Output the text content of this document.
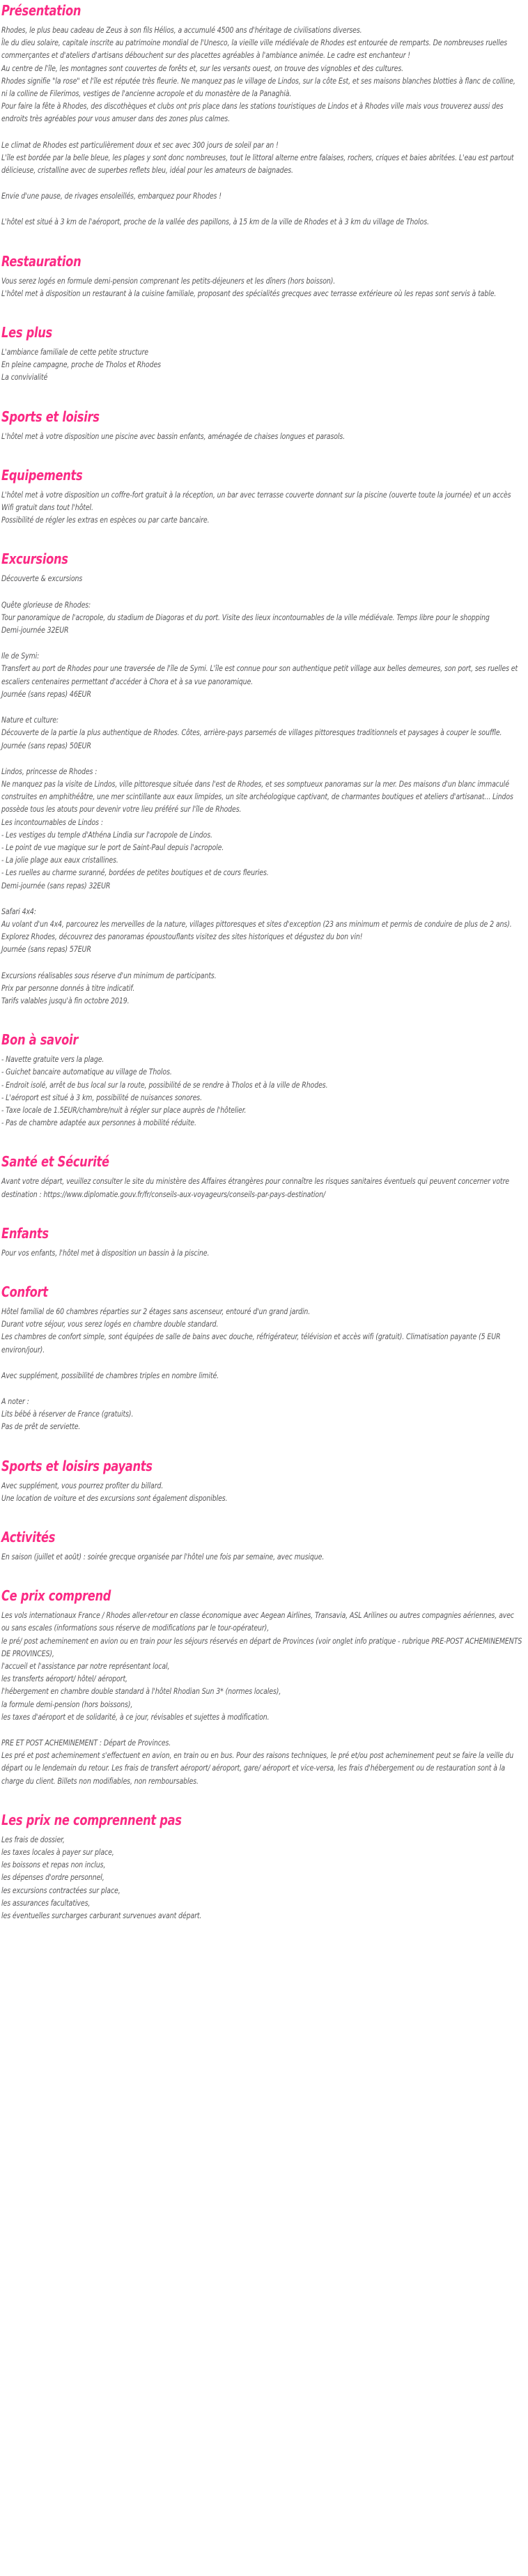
Présentation

Rhodes, le plus beau cadeau de Zeus à son fils Hélios, a accumulé 4500 ans d'héritage de civilisations diverses.

Île du dieu solaire, capitale inscrite au patrimoine mondial de l'Unesco, la vieille ville médiévale de Rhodes est entourée de remparts. De nombreuses ruelles commerçantes et d'ateliers d'artisans débouchent sur des placettes agréables à l'ambiance animée. Le cadre est enchanteur !

Au centre de l'île, les montagnes sont couvertes de forêts et, sur les versants ouest, on trouve des vignobles et des cultures.

Rhodes signifie "la rose" et l'île est réputée très fleurie. Ne manquez pas le village de Lindos, sur la côte Est, et ses maisons blanches blotties à flanc de colline, ni la colline de Filerimos, vestiges de l'ancienne acropole et du monastère de la Panaghià.

Pour faire la fête à Rhodes, des discothèques et clubs ont pris place dans les stations touristiques de Lindos et à Rhodes ville mais vous trouverez aussi des endroits très agréables pour vous amuser dans des zones plus calmes.

Le climat de Rhodes est particulièrement doux et sec avec 300 jours de soleil par an !

L'île est bordée par la belle bleue, les plages y sont donc nombreuses, tout le littoral alterne entre falaises, rochers, criques et baies abritées. L'eau est partout délicieuse, cristalline avec de superbes reflets bleu, idéal pour les amateurs de baignades.

Envie d'une pause, de rivages ensoleillés, embarquez pour Rhodes !

L'hôtel est situé à 3 km de l'aéroport, proche de la vallée des papillons, à 15 km de la ville de Rhodes et à 3 km du village de Tholos.

Restauration

Vous serez logés en formule demi-pension comprenant les petits-déjeuners et les dîners (hors boisson).

L'hôtel met à disposition un restaurant à la cuisine familiale, proposant des spécialités grecques avec terrasse extérieure où les repas sont servis à table.

Les plus

L'ambiance familiale de cette petite structure

En pleine campagne, proche de Tholos et Rhodes

La convivialité

Sports et loisirs

L'hôtel met à votre disposition une piscine avec bassin enfants, aménagée de chaises longues et parasols.

Equipements

L'hôtel met à votre disposition un coffre-fort gratuit à la réception, un bar avec terrasse couverte donnant sur la piscine (ouverte toute la journée) et un accès Wifi gratuit dans tout l'hôtel.

Possibilité de régler les extras en espèces ou par carte bancaire.

Excursions

Découverte & excursions

Quête glorieuse de Rhodes:

Tour panoramique de l'acropole, du stadium de Diagoras et du port. Visite des lieux incontournables de la ville médiévale. Temps libre pour le shopping

Demi-journée 32EUR

Ile de Symi:

Transfert au port de Rhodes pour une traversée de l'île de Symi. L'île est connue pour son authentique petit village aux belles demeures, son port, ses ruelles et escaliers centenaires permettant d'accéder à Chora et à sa vue panoramique.

Journée (sans repas) 46EUR

Nature et culture:

Découverte de la partie la plus authentique de Rhodes. Côtes, arrière-pays parsemés de villages pittoresques traditionnels et paysages à couper le souffle.

Journée (sans repas) 50EUR

Lindos, princesse de Rhodes :

Ne manquez pas la visite de Lindos, ville pittoresque située dans l'est de Rhodes, et ses somptueux panoramas sur la mer. Des maisons d'un blanc immaculé construites en amphithéâtre, une mer scintillante aux eaux limpides, un site archéologique captivant, de charmantes boutiques et ateliers d'artisanat... Lindos possède tous les atouts pour devenir votre lieu préféré sur l'île de Rhodes.

Les incontournables de Lindos :

- Les vestiges du temple d'Athéna Lindia sur l'acropole de Lindos.

- Le point de vue magique sur le port de Saint-Paul depuis l'acropole.

- La jolie plage aux eaux cristallines.

- Les ruelles au charme suranné, bordées de petites boutiques et de cours fleuries.

Demi-journée (sans repas) 32EUR

Safari 4x4:

Au volant d'un 4x4, parcourez les merveilles de la nature, villages pittoresques et sites d'exception (23 ans minimum et permis de conduire de plus de 2 ans). Explorez Rhodes, découvrez des panoramas époustouflants visitez des sites historiques et dégustez du bon vin!

Journée (sans repas) 57EUR

Excursions réalisables sous réserve d'un minimum de participants.

Prix par personne donnés à titre indicatif.

Tarifs valables jusqu'à fin octobre 2019.

Bon à savoir

- Navette gratuite vers la plage.

- Guichet bancaire automatique au village de Tholos.

- Endroit isolé, arrêt de bus local sur la route, possibilité de se rendre à Tholos et à la ville de Rhodes.

- L'aéroport est situé à 3 km, possibilité de nuisances sonores.

- Taxe locale de 1.5EUR/chambre/nuit à régler sur place auprès de l'hôtelier.

- Pas de chambre adaptée aux personnes à mobilité réduite.

Santé et Sécurité

Avant votre départ, veuillez consulter le site du ministère des Affaires étrangères pour connaître les risques sanitaires éventuels qui peuvent concerner votre destination : https://www.diplomatie.gouv.fr/fr/conseils-aux-voyageurs/conseils-par-pays-destination/

Enfants

Pour vos enfants, l'hôtel met à disposition un bassin à la piscine.

Confort

Hôtel familial de 60 chambres réparties sur 2 étages sans ascenseur, entouré d'un grand jardin.

Durant votre séjour, vous serez logés en chambre double standard.

Les chambres de confort simple, sont équipées de salle de bains avec douche, réfrigérateur, télévision et accès wifi (gratuit). Climatisation payante (5 EUR environ/jour).

Avec supplément, possibilité de chambres triples en nombre limité.

A noter :

Lits bébé à réserver de France (gratuits).

Pas de prêt de serviette.

Sports et loisirs payants

Avec supplément, vous pourrez profiter du billard.

Une location de voiture et des excursions sont également disponibles.

Activités

En saison (juillet et août) : soirée grecque organisée par l'hôtel une fois par semaine, avec musique.

Ce prix comprend

Les vols internationaux France / Rhodes aller-retour en classe économique avec Aegean Airlines, Transavia, ASL Arilines ou autres compagnies aériennes, avec ou sans escales (informations sous réserve de modifications par le tour-opérateur),

le pré/ post acheminement en avion ou en train pour les séjours réservés en départ de Provinces (voir onglet info pratique - rubrique PRE-POST ACHEMINEMENTS DE PROVINCES),

l'accueil et l'assistance par notre représentant local,

les transferts aéroport/ hôtel/ aéroport,

l'hébergement en chambre double standard à l'hôtel Rhodian Sun 3* (normes locales),

la formule demi-pension (hors boissons),

les taxes d'aéroport et de solidarité, à ce jour, révisables et sujettes à modification.

PRE ET POST ACHEMINEMENT : Départ de Provinces.

Les pré et post acheminement s'effectuent en avion, en train ou en bus. Pour des raisons techniques, le pré et/ou post acheminement peut se faire la veille du départ ou le lendemain du retour. Les frais de transfert aéroport/ aéroport, gare/ aéroport et vice-versa, les frais d'hébergement ou de restauration sont à la charge du client. Billets non modifiables, non remboursables.

Les prix ne comprennent pas

Les frais de dossier,

les taxes locales à payer sur place,

les boissons et repas non inclus,

les dépenses d'ordre personnel,

les excursions contractées sur place,

les assurances facultatives,

les éventuelles surcharges carburant survenues avant départ.
